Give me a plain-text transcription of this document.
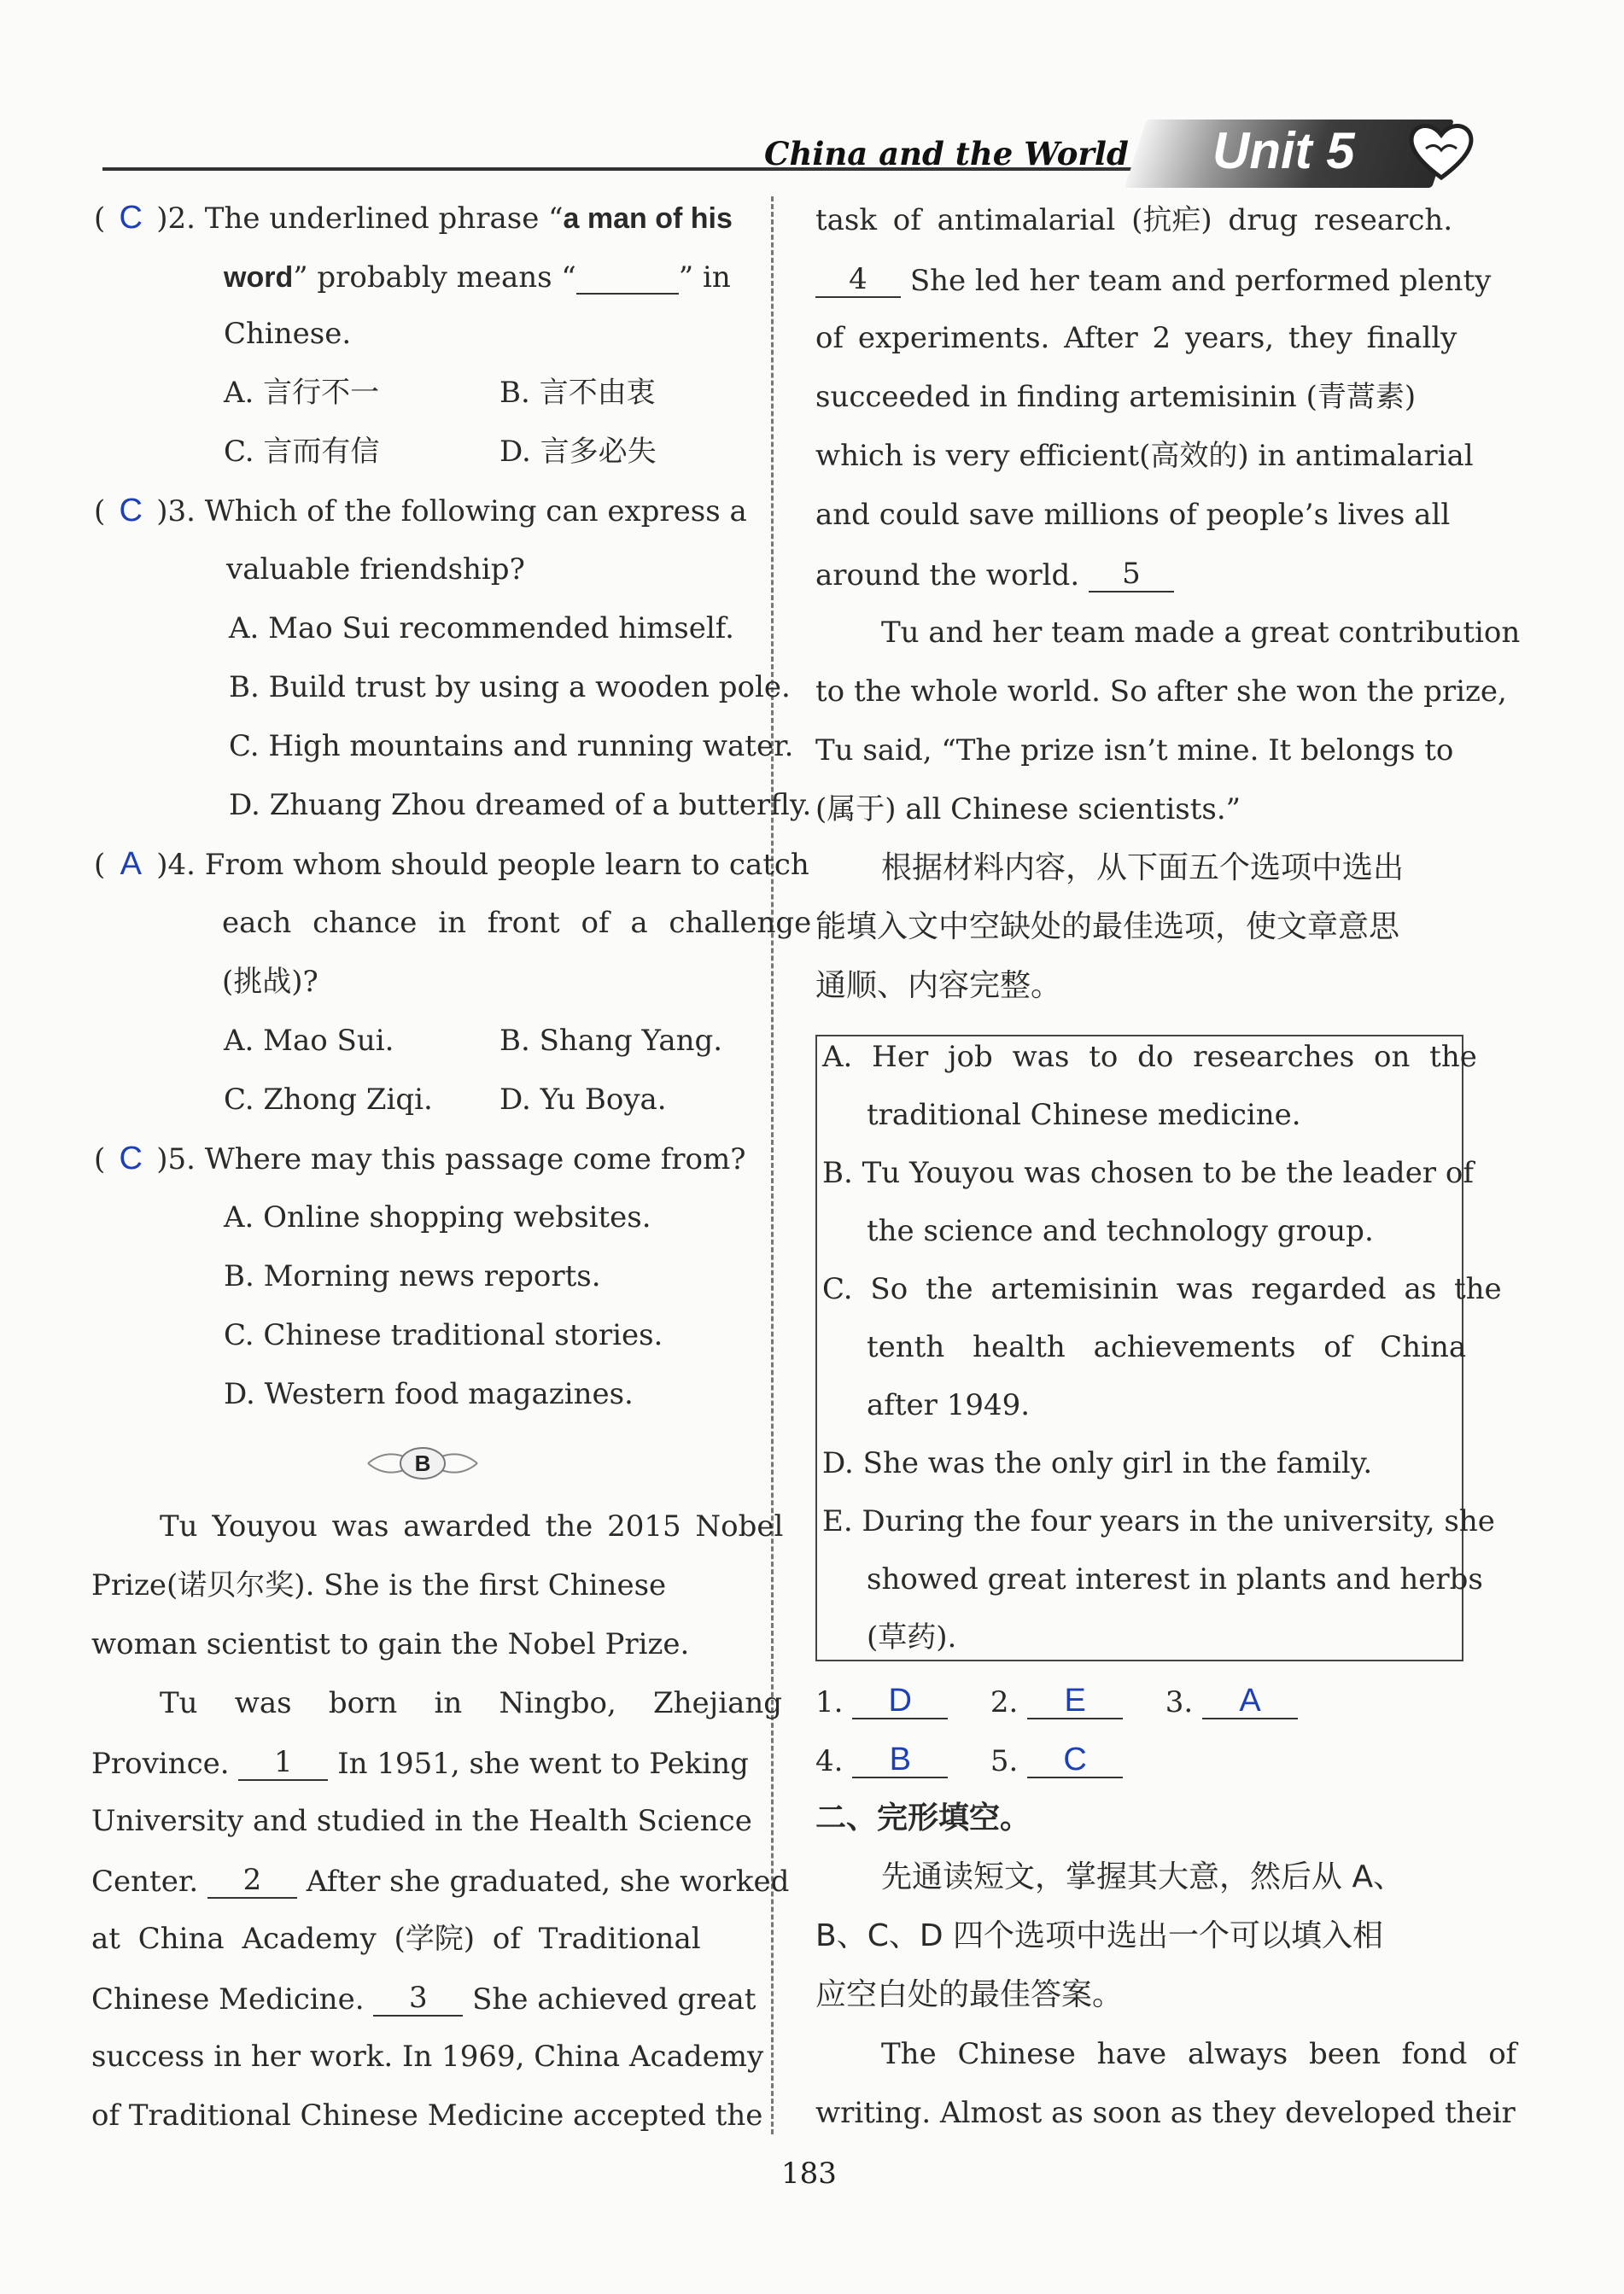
China and the World Unit 5
( C )2. The underlined phrase “a man of his
word” probably means “	” in
Chinese.
A. 言行不一	B. 言不由衷
C. 言而有信	D. 言多必失
( C )3. Which of the following can express a
valuable friendship?
A. Mao Sui recommended himself.
B. Build trust by using a wooden pole.
C. High mountains and running water.
D. Zhuang Zhou dreamed of a butterfly.
( A )4. From whom should people learn to catch
each chance in front of a challenge
(挑战)?
A. Mao Sui.	B. Shang Yang.
C. Zhong Ziqi. D. Yu Boya.
( C )5. Where may this passage come from?
A. Online shopping websites.
B. Morning news reports.
C. Chinese traditional stories.
D. Western food magazines.
B
Tu Youyou was awarded the 2015 Nobel
Prize(诺贝尔奖). She is the first Chinese
woman scientist to gain the Nobel Prize.
Tu    was    born    in    Ningbo,    Zhejiang
Province. 1 In 1951, she went to Peking
University and studied in the Health Science
Center. 2 After she graduated, she worked
at China Academy (学院) of Traditional
Chinese Medicine. 3 She achieved great
success in her work. In 1969, China Academy
of Traditional Chinese Medicine accepted the
task of antimalarial (抗疟) drug research.
4 She led her team and performed plenty
of experiments. After 2 years, they finally
succeeded in finding artemisinin (青蒿素)
which is very efficient(高效的) in antimalarial
and could save millions of people’s lives all
around the world. 5
Tu and her team made a great contribution
to the whole world. So after she won the prize,
Tu said, “The prize isn’t mine. It belongs to
(属于) all Chinese scientists.”
根据材料内容，从下面五个选项中选出
能填入文中空缺处的最佳选项，使文章意思
通顺、内容完整。
A. Her job was to do researches on the
traditional Chinese medicine.
B. Tu Youyou was chosen to be the leader of
the science and technology group.
C. So the artemisinin was regarded as the
tenth health achievements of China
after 1949.
D. She was the only girl in the family.
E. During the four years in the university, she
showed great interest in plants and herbs
(草药).
1. D	2. E	3. A
4. B	5. C
二、完形填空。
先通读短文，掌握其大意，然后从 A、
B、C、D 四个选项中选出一个可以填入相
应空白处的最佳答案。
The Chinese have always been fond of
writing. Almost as soon as they developed their
183
